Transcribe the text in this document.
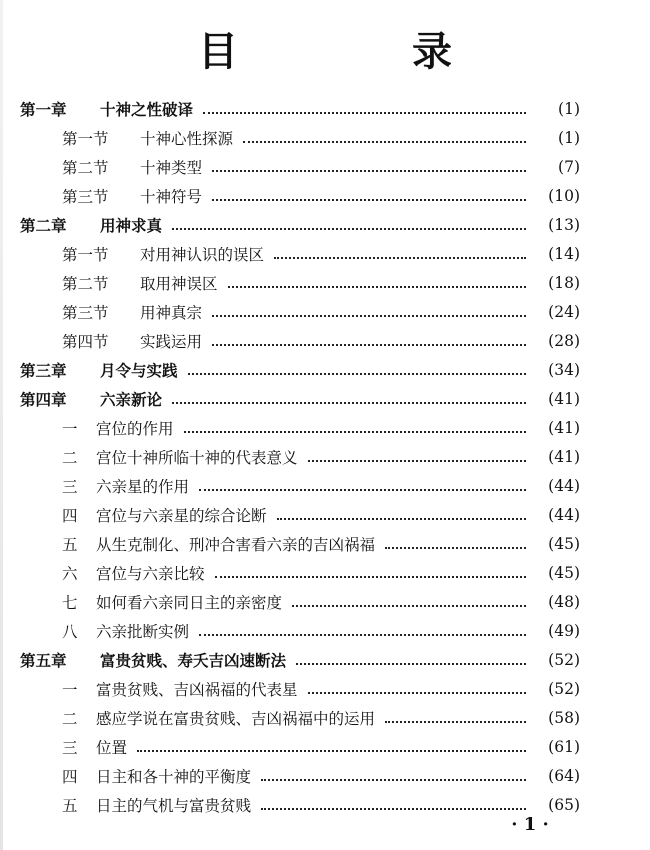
目 录
第一章	十神之性破译	(1)
第一节	十神心性探源	(1)
第二节	十神类型	(7)
第三节	十神符号	(10)
第二章	用神求真	(13)
第一节	对用神认识的误区	(14)
第二节	取用神误区	(18)
第三节	用神真宗	(24)
第四节	实践运用	(28)
第三章	月令与实践	(34)
第四章	六亲新论	(41)
一	宫位的作用	(41)
二	宫位十神所临十神的代表意义	(41)
三	六亲星的作用	(44)
四	宫位与六亲星的综合论断	(44)
五	从生克制化、刑冲合害看六亲的吉凶祸福	(45)
六	宫位与六亲比较	(45)
七	如何看六亲同日主的亲密度	(48)
八	六亲批断实例	(49)
第五章	富贵贫贱、寿夭吉凶速断法	(52)
一	富贵贫贱、吉凶祸福的代表星	(52)
二	感应学说在富贵贫贱、吉凶祸福中的运用	(58)
三	位置	(61)
四	日主和各十神的平衡度	(64)
五	日主的气机与富贵贫贱	(65)
· 1 ·
